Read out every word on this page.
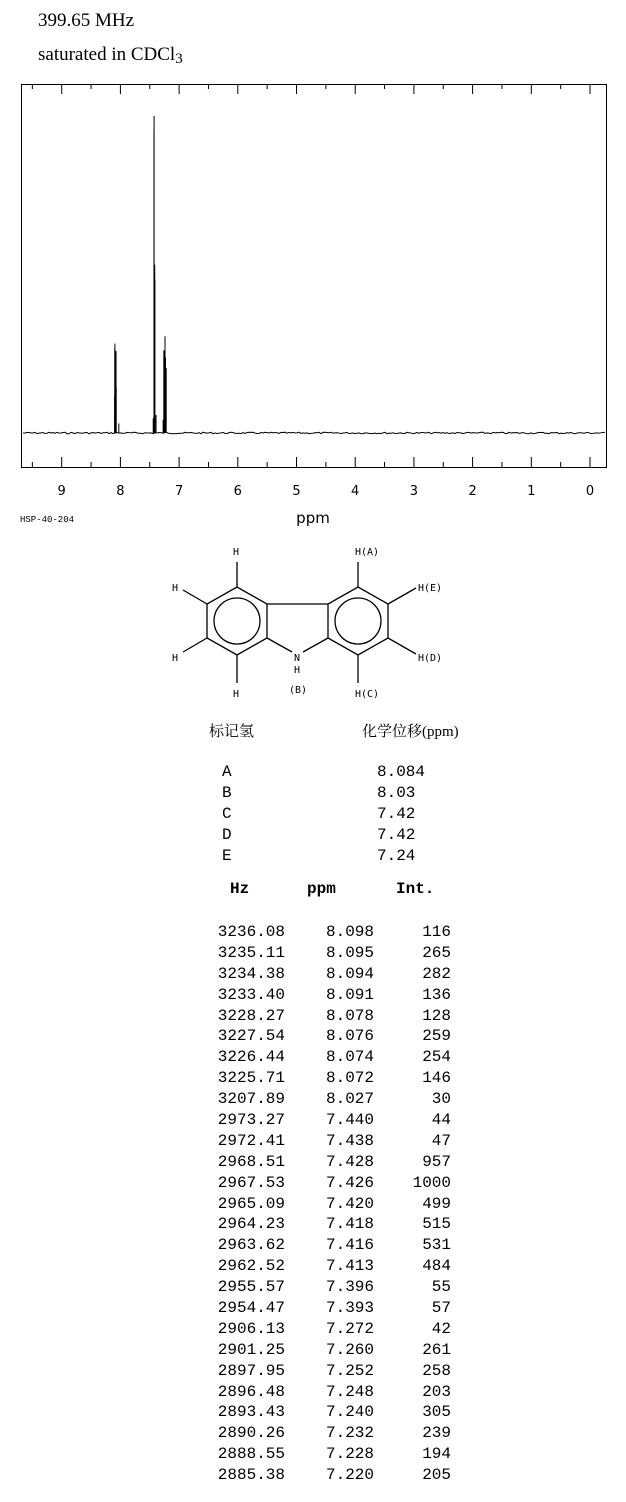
399.65 MHz
saturated in CDCl$_3$
9	8	7	6	5	4	3	2	1	0
ppm
HSP-40-204
H
H
H
H
N
H
(B)
H(A)
H(E)
H(D)
H(C)
标记氢	化学位移(ppm)
A	8.084
B	8.03
C	7.42
D	7.42
E	7.24
Hz	ppm	Int.
3236.08	8.098	116
3235.11	8.095	265
3234.38	8.094	282
3233.40	8.091	136
3228.27	8.078	128
3227.54	8.076	259
3226.44	8.074	254
3225.71	8.072	146
3207.89	8.027	30
2973.27	7.440	44
2972.41	7.438	47
2968.51	7.428	957
2967.53	7.426 1000
2965.09	7.420	499
2964.23	7.418	515
2963.62	7.416	531
2962.52	7.413	484
2955.57	7.396	55
2954.47	7.393	57
2906.13	7.272	42
2901.25	7.260	261
2897.95	7.252	258
2896.48	7.248	203
2893.43	7.240	305
2890.26	7.232	239
2888.55	7.228	194
2885.38	7.220	205
